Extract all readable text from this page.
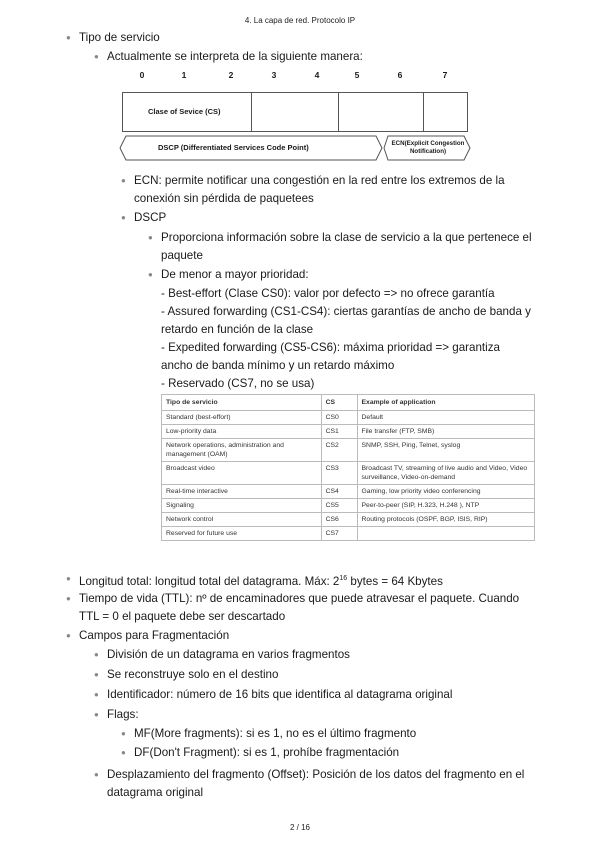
4. La capa de red. Protocolo IP
● Tipo de servicio
● Actualmente se interpreta de la siguiente manera:
0	1	2	3	4	5	6	7
Clase of Sevice (CS)
DSCP (Differentiated Services Code Point)	ECN(Explicit Congestion
Notification)
● ECN: permite notificar una congestión en la red entre los extremos de la
conexión sin pérdida de paquetees
● DSCP
● Proporciona información sobre la clase de servicio a la que pertenece el
paquete
● De menor a mayor prioridad:
- Best-effort (Clase CS0): valor por defecto => no ofrece garantía
- Assured forwarding (CS1-CS4): ciertas garantías de ancho de banda y
retardo en función de la clase
- Expedited forwarding (CS5-CS6): máxima prioridad => garantiza
ancho de banda mínimo y un retardo máximo
- Reservado (CS7, no se usa)
Tipo de servicio	CS	Example of application
Standard (best-effort)	CS0	Default
Low-priority data	CS1	File transfer (FTP, SMB)
Network operations, administration and management (OAM)	CS2	SNMP, SSH, Ping, Telnet, syslog
Broadcast video	CS3	Broadcast TV, streaming of live audio and Video, Video surveillance, Video-on-demand
Real-time interactive	CS4	Gaming, low priority video conferencing
Signaling	CS5	Peer-to-peer (SIP, H.323, H.248 ), NTP
Network control	CS6	Routing protocols (OSPF, BGP, ISIS, RIP)
Reserved for future use	CS7	
● Longitud total: longitud total del datagrama. Máx: $2^{16}$ bytes = 64 Kbytes
● Tiempo de vida (TTL): nº de encaminadores que puede atravesar el paquete. Cuando
TTL = 0 el paquete debe ser descartado
● Campos para Fragmentación
● División de un datagrama en varios fragmentos
● Se reconstruye solo en el destino
● Identificador: número de 16 bits que identifica al datagrama original
● Flags:
● MF(More fragments): si es 1, no es el último fragmento
● DF(Don't Fragment): si es 1, prohíbe fragmentación
● Desplazamiento del fragmento (Offset): Posición de los datos del fragmento en el
datagrama original
2 / 16
